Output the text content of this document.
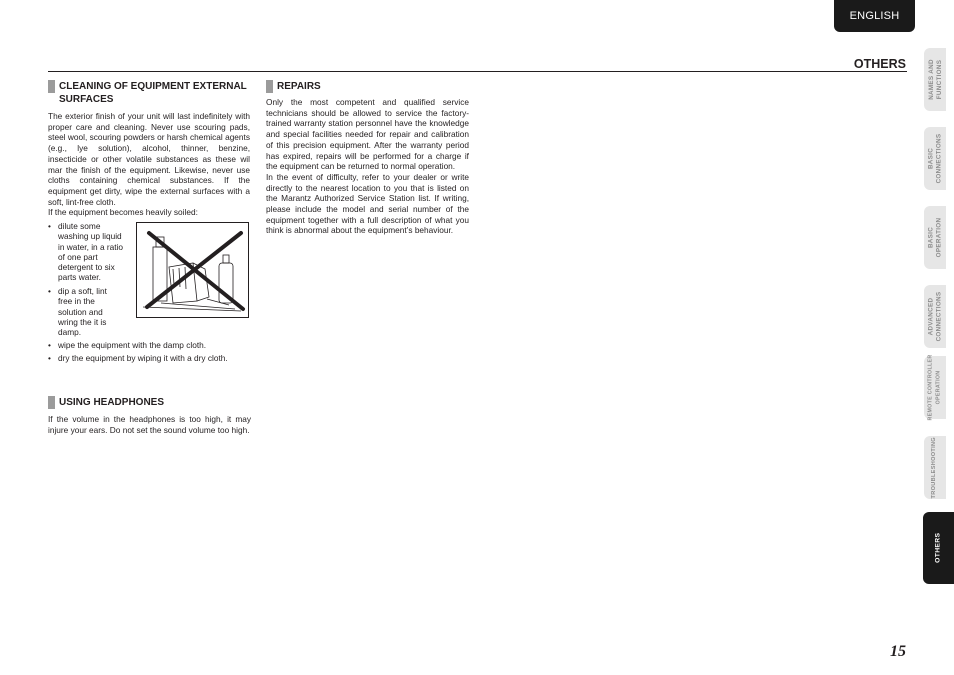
ENGLISH
OTHERS
CLEANING OF EQUIPMENT EXTERNAL
SURFACES

The exterior finish of your unit will last indefinitely with proper care and cleaning. Never use scouring pads, steel wool, scouring powders or harsh chemical agents (e.g., lye solution), alcohol, thinner, benzine, insecticide or other volatile substances as these wil mar the finish of the equipment. Likewise, never use cloths containing chemical substances. If the equipment get dirty, wipe the external surfaces with a soft, lint-free cloth.

If the equipment becomes heavily soiled:

• dilute some washing up liquid in water, in a ratio of one part detergent to six parts water.
• dip a soft, lint free in the solution and wring the it is damp.
• wipe the equipment with the damp cloth.
• dry the equipment by wiping it with a dry cloth.
USING HEADPHONES

If the volume in the headphones is too high, it may injure your ears. Do not set the sound volume too high.

REPAIRS

Only the most competent and qualified service technicians should be allowed to service the factory-trained warranty station personnel have the knowledge and special facilities needed for repair and calibration of this precision equipment. After the warranty period has expired, repairs will be performed for a charge if the equipment can be returned to normal operation.

In the event of difficulty, refer to your dealer or write directly to the nearest location to you that is listed on the Marantz Authorized Service Station list. If writing, please include the model and serial number of the equipment together with a full description of what you think is abnormal about the equipment’s behaviour.

NAMES AND
FUNCTIONS
BASIC
CONNECTIONS
BASIC
OPERATION
ADVANCED
CONNECTIONS
REMOTE CONTROLLER OPERATION
TROUBLESHOOTING
OTHERS
15
